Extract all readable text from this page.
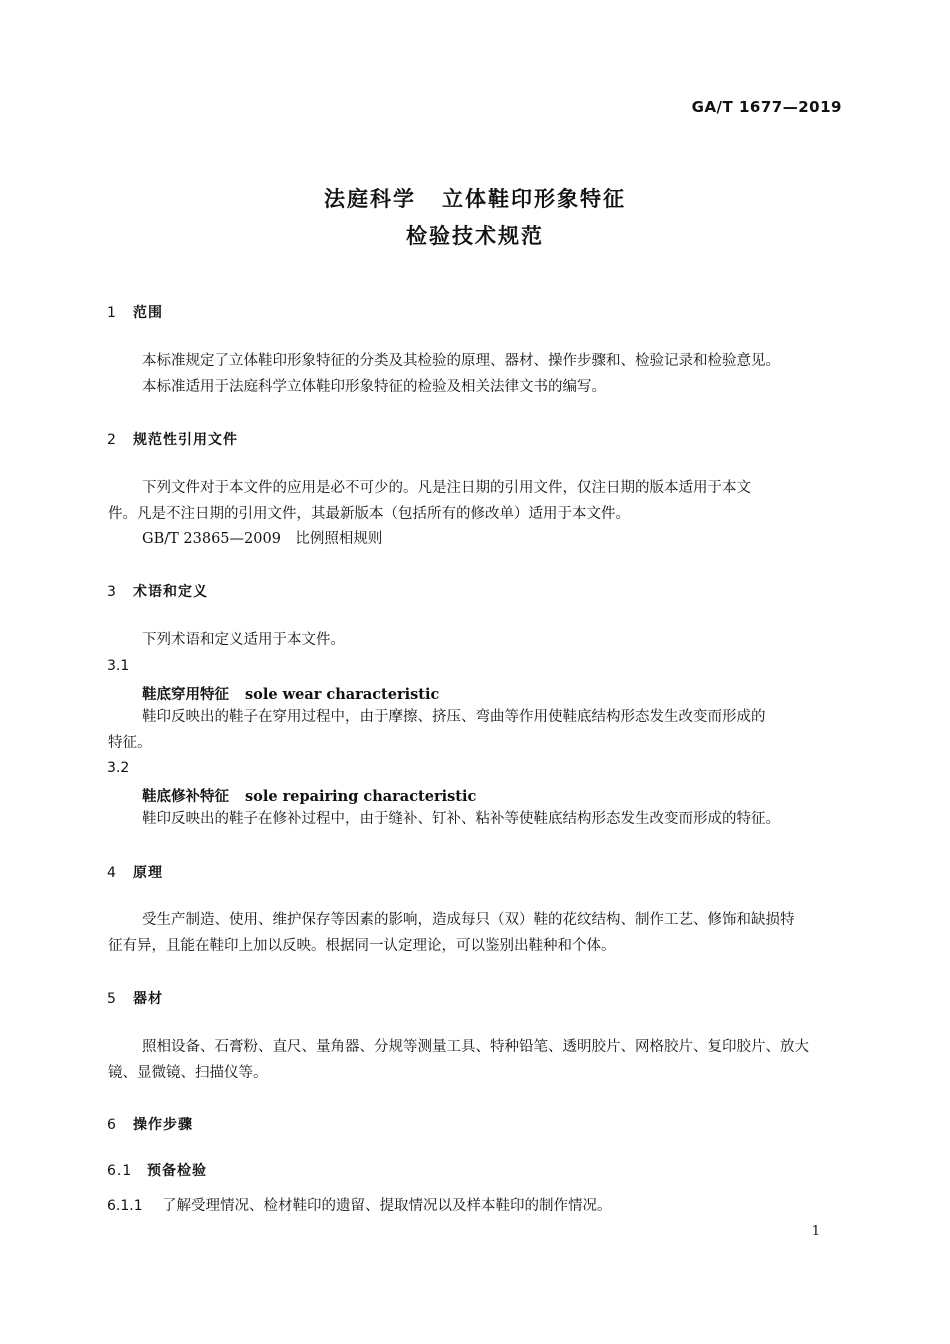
GA/T 1677—2019
法庭科学 立体鞋印形象特征
检验技术规范
1 范围
本标准规定了立体鞋印形象特征的分类及其检验的原理、器材、操作步骤和、检验记录和检验意见。
本标准适用于法庭科学立体鞋印形象特征的检验及相关法律文书的编写。
2 规范性引用文件
下列文件对于本文件的应用是必不可少的。凡是注日期的引用文件，仅注日期的版本适用于本文
件。凡是不注日期的引用文件，其最新版本（包括所有的修改单）适用于本文件。
GB/T 23865—2009　比例照相规则
3 术语和定义
下列术语和定义适用于本文件。
3.1
鞋底穿用特征 sole wear characteristic
鞋印反映出的鞋子在穿用过程中，由于摩擦、挤压、弯曲等作用使鞋底结构形态发生改变而形成的
特征。
3.2
鞋底修补特征 sole repairing characteristic
鞋印反映出的鞋子在修补过程中，由于缝补、钉补、粘补等使鞋底结构形态发生改变而形成的特征。
4 原理
受生产制造、使用、维护保存等因素的影响，造成每只（双）鞋的花纹结构、制作工艺、修饰和缺损特
征有异，且能在鞋印上加以反映。根据同一认定理论，可以鉴别出鞋种和个体。
5 器材
照相设备、石膏粉、直尺、量角器、分规等测量工具、特种铅笔、透明胶片、网格胶片、复印胶片、放大
镜、显微镜、扫描仪等。
6 操作步骤
6.1 预备检验
6.1.1 了解受理情况、检材鞋印的遗留、提取情况以及样本鞋印的制作情况。
1
